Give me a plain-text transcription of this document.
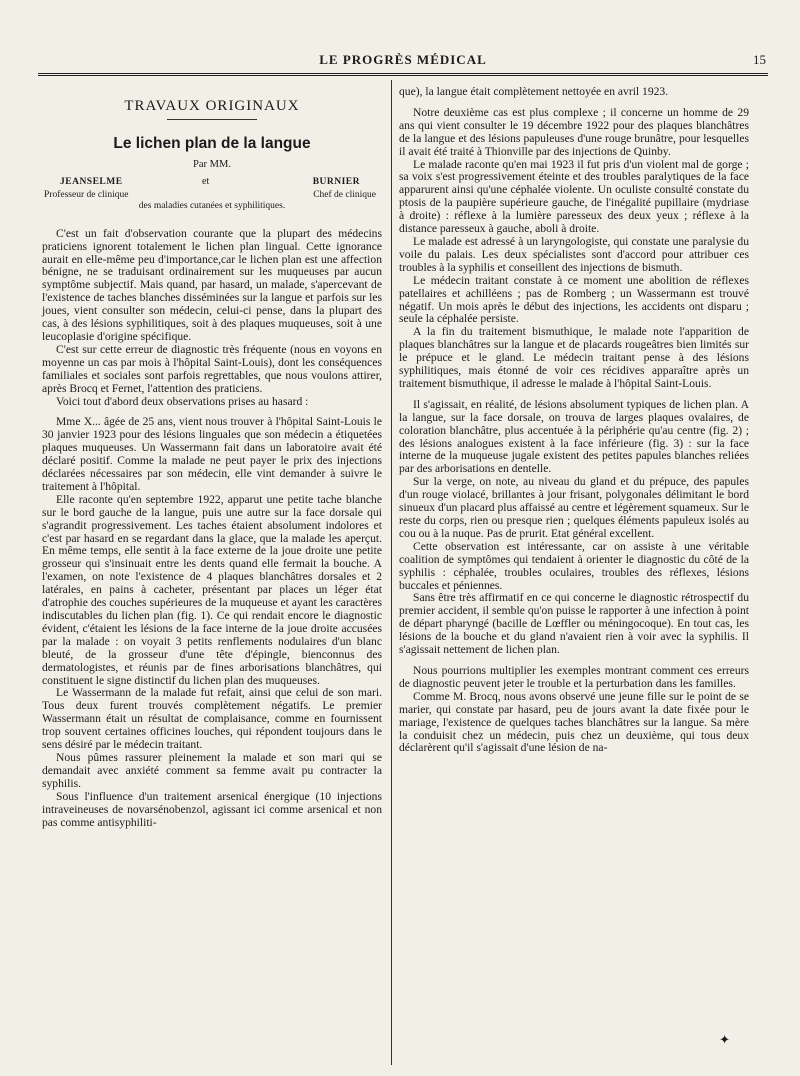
LE PROGRÈS MÉDICAL	15
TRAVAUX ORIGINAUX
Le lichen plan de la langue
Par MM.
JEANSELME	et	BURNIER
Professeur de clinique	Chef de clinique
des maladies cutanées et syphilitiques.

C'est un fait d'observation courante que la plupart des médecins praticiens ignorent totalement le lichen plan lingual. Cette ignorance aurait en elle-même peu d'importance,car le lichen plan est une affection bénigne, ne se traduisant ordinairement sur les muqueuses par aucun symptôme subjectif. Mais quand, par hasard, un malade, s'apercevant de l'existence de taches blanches disséminées sur la langue et parfois sur les joues, vient consulter son médecin, celui-ci pense, dans la plupart des cas, à des lésions syphilitiques, soit à des plaques muqueuses, soit à une leucoplasie d'origine spécifique.

C'est sur cette erreur de diagnostic très fréquente (nous en voyons en moyenne un cas par mois à l'hôpital Saint-Louis), dont les conséquences familiales et sociales sont parfois regrettables, que nous voulons attirer, après Brocq et Fernet, l'attention des praticiens.

Voici tout d'abord deux observations prises au hasard :

Mme X... âgée de 25 ans, vient nous trouver à l'hôpital Saint-Louis le 30 janvier 1923 pour des lésions linguales que son médecin a étiquetées plaques muqueuses. Un Wassermann fait dans un laboratoire avait été déclaré positif. Comme la malade ne peut payer le prix des injections déclarées nécessaires par son médecin, elle vint demander à suivre le traitement à l'hôpital.

Elle raconte qu'en septembre 1922, apparut une petite tache blanche sur le bord gauche de la langue, puis une autre sur la face dorsale qui s'agrandit progressivement. Les taches étaient absolument indolores et c'est par hasard en se regardant dans la glace, que la malade les aperçut. En même temps, elle sentit à la face externe de la joue droite une petite grosseur qui s'insinuait entre les dents quand elle fermait la bouche. A l'examen, on note l'existence de 4 plaques blanchâtres dorsales et 2 latérales, en pains à cacheter, présentant par places un léger état d'atrophie des couches supérieures de la muqueuse et ayant les caractères indiscutables du lichen plan (fig. 1). Ce qui rendait encore le diagnostic évident, c'étaient les lésions de la face interne de la joue droite accusées par la malade : on voyait 3 petits renflements nodulaires d'un blanc bleuté, de la grosseur d'une tête d'épingle, bienconnus des dermatologistes, et réunis par de fines arborisations blanchâtres, qui constituent le signe distinctif du lichen plan des muqueuses.

Le Wassermann de la malade fut refait, ainsi que celui de son mari. Tous deux furent trouvés complètement négatifs. Le premier Wassermann était un résultat de complaisance, comme en fournissent trop souvent certaines officines louches, qui répondent toujours dans le sens désiré par le médecin traitant.

Nous pûmes rassurer pleinement la malade et son mari qui se demandait avec anxiété comment sa femme avait pu contracter la syphilis.

Sous l'influence d'un traitement arsenical énergique (10 injections intraveineuses de novarsénobenzol, agissant ici comme arsenical et non pas comme antisyphiliti-

que), la langue était complètement nettoyée en avril 1923.

Notre deuxième cas est plus complexe ; il concerne un homme de 29 ans qui vient consulter le 19 décembre 1922 pour des plaques blanchâtres de la langue et des lésions papuleuses d'une rouge brunâtre, pour lesquelles il avait été traité à Thionville par des injections de Quinby.

Le malade raconte qu'en mai 1923 il fut pris d'un violent mal de gorge ; sa voix s'est progressivement éteinte et des troubles paralytiques de la face apparurent ainsi qu'une céphalée violente. Un oculiste consulté constate du ptosis de la paupière supérieure gauche, de l'inégalité pupillaire (mydriase à droite) : réflexe à la lumière paresseux des deux yeux ; réflexe à la distance paresseux à gauche, aboli à droite.

Le malade est adressé à un laryngologiste, qui constate une paralysie du voile du palais. Les deux spécialistes sont d'accord pour attribuer ces troubles à la syphilis et conseillent des injections de bismuth.

Le médecin traitant constate à ce moment une abolition de réflexes patellaires et achilléens ; pas de Romberg ; un Wassermann est trouvé négatif. Un mois après le début des injections, les accidents ont disparu ; seule la céphalée persiste.

A la fin du traitement bismuthique, le malade note l'apparition de plaques blanchâtres sur la langue et de placards rougeâtres bien limités sur le prépuce et le gland. Le médecin traitant pense à des lésions syphilitiques, mais étonné de voir ces récidives apparaître après un traitement bismuthique, il adresse le malade à l'hôpital Saint-Louis.

Il s'agissait, en réalité, de lésions absolument typiques de lichen plan. A la langue, sur la face dorsale, on trouva de larges plaques ovalaires, de coloration blanchâtre, plus accentuée à la périphérie qu'au centre (fig. 2) ; des lésions analogues existent à la face inférieure (fig. 3) : sur la face interne de la muqueuse jugale existent des petites papules blanches reliées par des arborisations en dentelle.

Sur la verge, on note, au niveau du gland et du prépuce, des papules d'un rouge violacé, brillantes à jour frisant, polygonales délimitant le bord sinueux d'un placard plus affaissé au centre et légèrement squameux. Sur le reste du corps, rien ou presque rien ; quelques éléments papuleux isolés au cou ou à la nuque. Pas de prurit. Etat général excellent.

Cette observation est intéressante, car on assiste à une véritable coalition de symptômes qui tendaient à orienter le diagnostic du côté de la syphilis : céphalée, troubles oculaires, troubles des réflexes, lésions buccales et péniennes.

Sans être très affirmatif en ce qui concerne le diagnostic rétrospectif du premier accident, il semble qu'on puisse le rapporter à une infection à point de départ pharyngé (bacille de Lœffler ou méningocoque). En tout cas, les lésions de la bouche et du gland n'avaient rien à voir avec la syphilis. Il s'agissait nettement de lichen plan.

Nous pourrions multiplier les exemples montrant comment ces erreurs de diagnostic peuvent jeter le trouble et la perturbation dans les familles.

Comme M. Brocq, nous avons observé une jeune fille sur le point de se marier, qui constate par hasard, peu de jours avant la date fixée pour le mariage, l'existence de quelques taches blanchâtres sur la langue. Sa mère la conduisit chez un médecin, puis chez un deuxième, qui tous deux déclarèrent qu'il s'agissait d'une lésion de na-

✦
